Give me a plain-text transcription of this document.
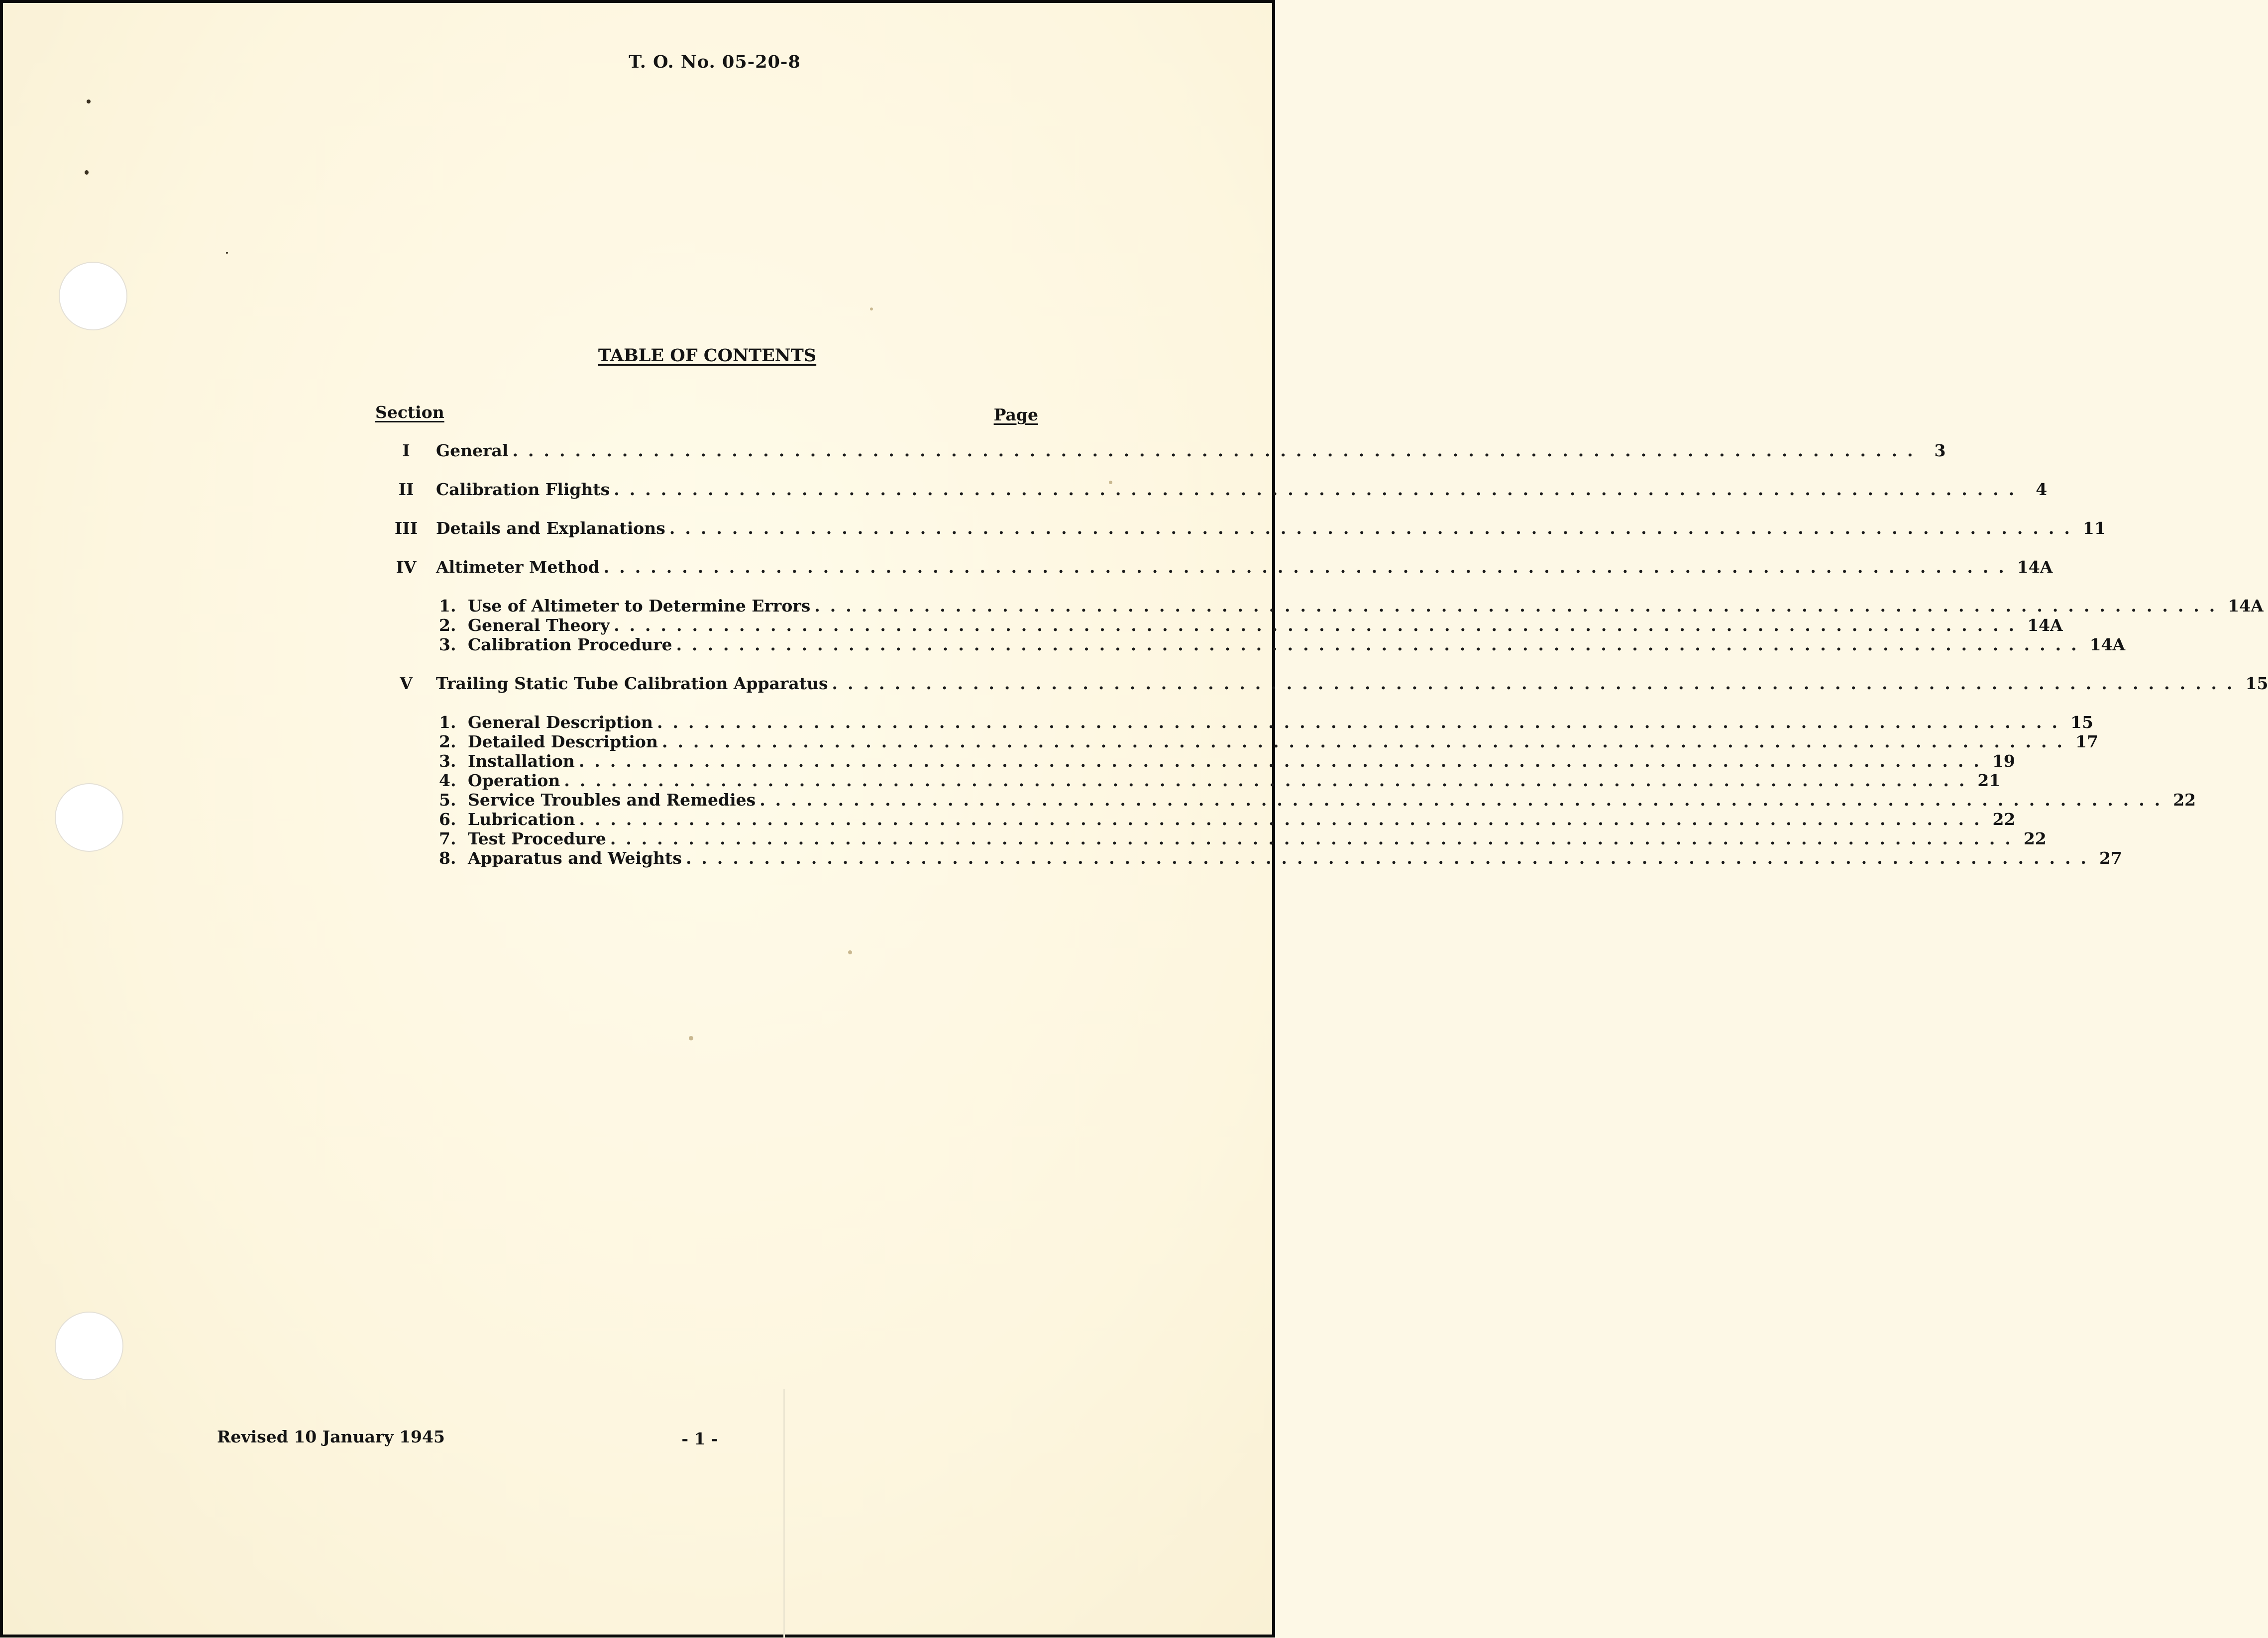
T. O. No. 05-20-8
TABLE OF CONTENTS
Section	Page
I	General .......................................................................................... 3
II	Calibration Flights .......................................................................................... 4
III	Details and Explanations .......................................................................................... 11
IV	Altimeter Method .......................................................................................... 14A
1. Use of Altimeter to Determine Errors .......................................................................................... 14A
2. General Theory .......................................................................................... 14A
3. Calibration Procedure .......................................................................................... 14A
V	Trailing Static Tube Calibration Apparatus .......................................................................................... 15
1. General Description .......................................................................................... 15
2. Detailed Description .......................................................................................... 17
3. Installation .......................................................................................... 19
4. Operation .......................................................................................... 21
5. Service Troubles and Remedies .......................................................................................... 22
6. Lubrication .......................................................................................... 22
7. Test Procedure .......................................................................................... 22
8. Apparatus and Weights .......................................................................................... 27
Revised 10 January 1945	- 1 -
